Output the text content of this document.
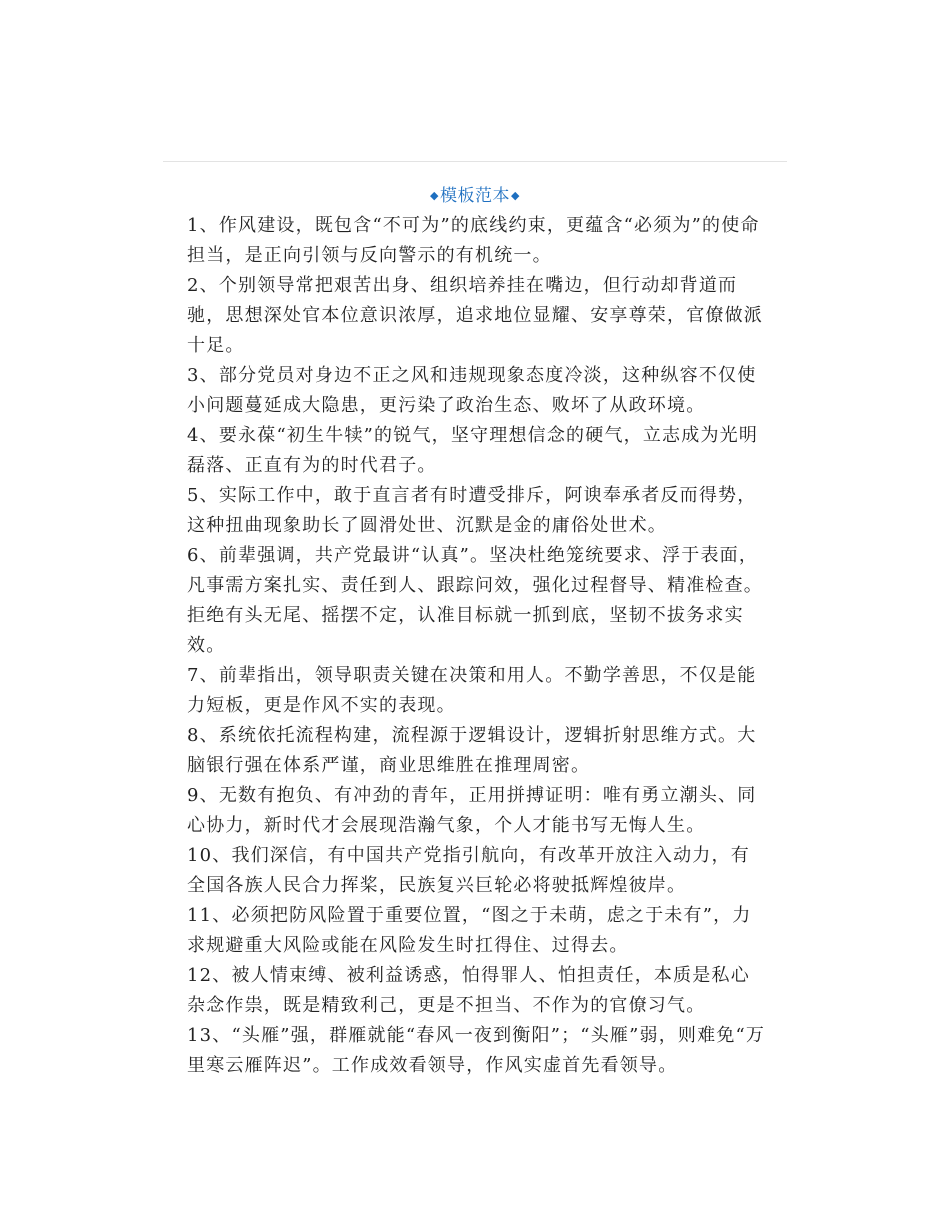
◆模板范本◆

1、作风建设，既包含“不可为”的底线约束，更蕴含“必须为”的使命担当，是正向引领与反向警示的有机统一。

2、个别领导常把艰苦出身、组织培养挂在嘴边，但行动却背道而驰，思想深处官本位意识浓厚，追求地位显耀、安享尊荣，官僚做派十足。

3、部分党员对身边不正之风和违规现象态度冷淡，这种纵容不仅使小问题蔓延成大隐患，更污染了政治生态、败坏了从政环境。

4、要永葆“初生牛犊”的锐气，坚守理想信念的硬气，立志成为光明磊落、正直有为的时代君子。

5、实际工作中，敢于直言者有时遭受排斥，阿谀奉承者反而得势，这种扭曲现象助长了圆滑处世、沉默是金的庸俗处世术。

6、前辈强调，共产党最讲“认真”。坚决杜绝笼统要求、浮于表面，凡事需方案扎实、责任到人、跟踪问效，强化过程督导、精准检查。拒绝有头无尾、摇摆不定，认准目标就一抓到底，坚韧不拔务求实效。

7、前辈指出，领导职责关键在决策和用人。不勤学善思，不仅是能力短板，更是作风不实的表现。

8、系统依托流程构建，流程源于逻辑设计，逻辑折射思维方式。大脑银行强在体系严谨，商业思维胜在推理周密。

9、无数有抱负、有冲劲的青年，正用拼搏证明：唯有勇立潮头、同心协力，新时代才会展现浩瀚气象，个人才能书写无悔人生。

10、我们深信，有中国共产党指引航向，有改革开放注入动力，有全国各族人民合力挥桨，民族复兴巨轮必将驶抵辉煌彼岸。

11、必须把防风险置于重要位置，“图之于未萌，虑之于未有”，力求规避重大风险或能在风险发生时扛得住、过得去。

12、被人情束缚、被利益诱惑，怕得罪人、怕担责任，本质是私心杂念作祟，既是精致利己，更是不担当、不作为的官僚习气。

13、“头雁”强，群雁就能“春风一夜到衡阳”；“头雁”弱，则难免“万里寒云雁阵迟”。工作成效看领导，作风实虚首先看领导。
